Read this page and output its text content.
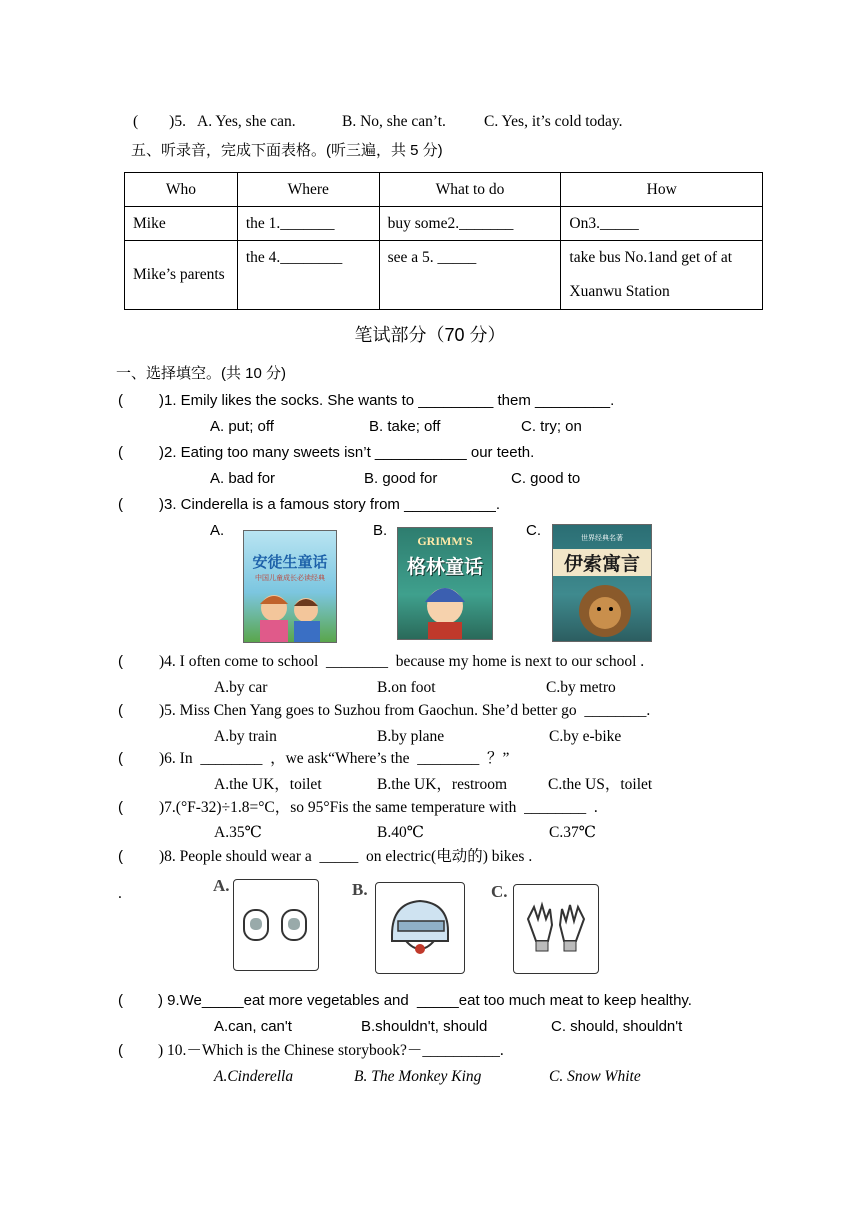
(        )5. A. Yes, she can.	B. No, she can’t. C. Yes, it’s cold today.
五、听录音，完成下面表格。(听三遍，共 5 分)
Who	Where	What to do	How
Mike	the 1._______	buy some2._______	On3._____
Mike’s parents	the 4.________	see a 5. _____	take bus No.1and get of at Xuanwu Station
笔试部分（70 分）
一、选择填空。(共 10 分)
( )1. Emily likes the socks. She wants to _________ them _________.
A. put; off	B. take; off	C. try; on
( )2. Eating too many sweets isn’t ___________ our teeth.
A. bad for	B. good for	C. good to
( )3. Cinderella is a famous story from ___________.
A.	B.	C.
安徒生童话
中国儿童成长必读经典
GRIMM'S
格林童话
世界经典名著
伊索寓言
( )4. I often come to school  ________  because my home is next to our school .
A.by car	B.on foot	C.by metro
( )5. Miss Chen Yang goes to Suzhou from Gaochun. She’d better go  ________.
A.by train	B.by plane	C.by e-bike
( )6. In  ________  ，we ask“Where’s the  ________  ？”
A.the UK，toilet	B.the UK，restroom	C.the US，toilet
( )7.(°F-32)÷1.8=°C，so 95°Fis the same temperature with  ________  .
A.35℃	B.40℃	C.37℃
( )8. People should wear a  _____  on electric(电动的) bikes .
.	A.	B.	C.
( ) 9.We_____eat more vegetables and  _____eat too much meat to keep healthy.
A.can, can't	B.shouldn't, should	C. should, shouldn't
( ) 10.－Which is the Chinese storybook?－__________.
A.Cinderella	B. The Monkey King	C. Snow White
